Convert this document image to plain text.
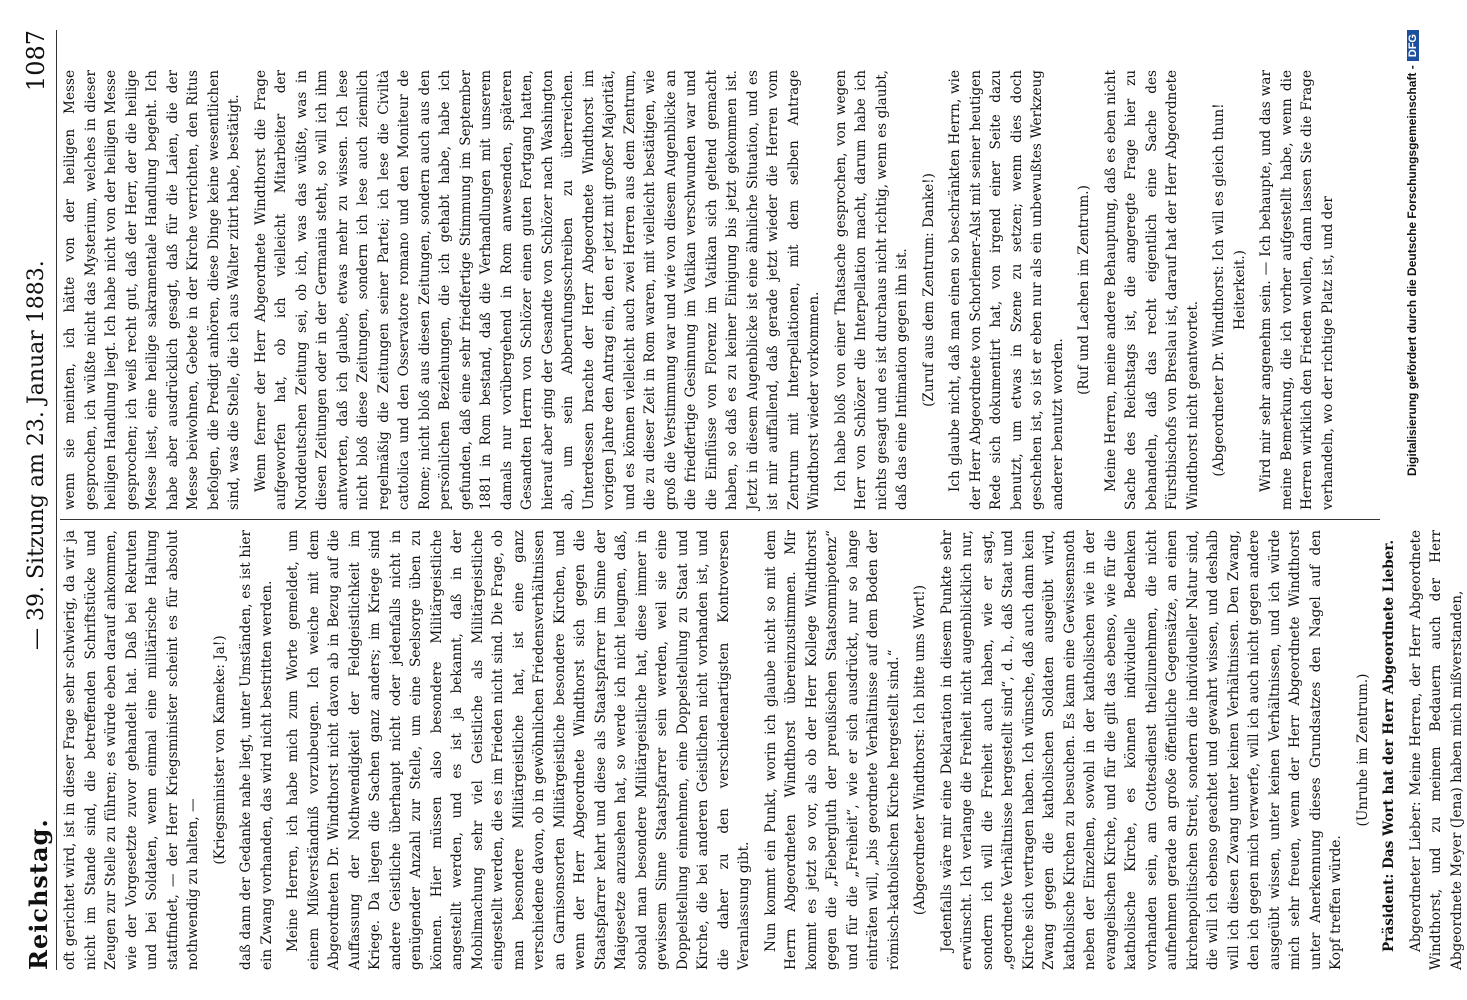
Reichstag.
— 39. Sitzung am 23. Januar 1883.
1087

oft gerichtet wird, ist in dieser Frage sehr schwierig, da wir ja nicht im Stande sind, die betreffenden Schriftstücke und Zeugen zur Stelle zu führen; es würde eben darauf ankommen, wie der Vorgesetzte zuvor gehandelt hat. Daß bei Rekruten und bei Soldaten, wenn einmal eine militärische Haltung stattfindet, — der Herr Kriegsminister scheint es für absolut nothwendig zu halten, —

(Kriegsminister von Kameke: Ja!) daß dann der Gedanke nahe liegt, unter Umständen, es ist hier ein Zwang vorhanden, das wird nicht bestritten werden. Meine Herren, ich habe mich zum Worte gemeldet, um einem Mißverständniß vorzubeugen. Ich weiche mit dem Abgeordneten Dr. Windthorst nicht davon ab in Bezug auf die Auffassung der Nothwendigkeit der Feldgeistlichkeit im Kriege. Da liegen die Sachen ganz anders; im Kriege sind andere Geistliche überhaupt nicht oder jedenfalls nicht in genügender Anzahl zur Stelle, um eine Seelsorge üben zu können. Hier müssen also besondere Militärgeistliche angestellt werden, und es ist ja bekannt, daß in der Mobilmachung sehr viel Geistliche als Militärgeistliche eingestellt werden, die es im Frieden nicht sind. Die Frage, ob man besondere Militärgeistliche hat, ist eine ganz verschiedene davon, ob in gewöhnlichen Friedensverhältnissen an Garnisonsorten Militärgeistliche besondere Kirchen, und wenn der Herr Abgeordnete Windthorst sich gegen die Staatspfarrer kehrt und diese als Staatspfarrer im Sinne der Maigesetze anzusehen hat, so werde ich nicht leugnen, daß, sobald man besondere Militärgeistliche hat, diese immer in gewissem Sinne Staatspfarrer sein werden, weil sie eine Doppelstellung einnehmen, eine Doppelstellung zu Staat und Kirche, die bei anderen Geistlichen nicht vorhanden ist, und die daher zu den verschiedenartigsten Kontroversen Veranlassung gibt. Nun kommt ein Punkt, worin ich glaube nicht so mit dem Herrn Abgeordneten Windthorst übereinzustimmen. Mir kommt es jetzt so vor, als ob der Herr Kollege Windthorst gegen die „Fiebergluth der preußischen Staatsomnipotenz“ und für die „Freiheit“, wie er sich ausdrückt, nur so lange einträten will, „bis geordnete Verhältnisse auf dem Boden der römisch-katholischen Kirche hergestellt sind.“ (Abgeordneter Windthorst: Ich bitte ums Wort!) Jedenfalls wäre mir eine Deklaration in diesem Punkte sehr erwünscht. Ich verlange die Freiheit nicht augenblicklich nur, sondern ich will die Freiheit auch haben, wie er sagt, „geordnete Verhältnisse hergestellt sind“, d. h., daß Staat und Kirche sich vertragen haben. Ich wünsche, daß auch dann kein Zwang gegen die katholischen Soldaten ausgeübt wird, katholische Kirchen zu besuchen. Es kann eine Gewissensnoth neben der Einzelnen, sowohl in der katholischen wie in der evangelischen Kirche, und für die gilt das ebenso, wie für die katholische Kirche, es können individuelle Bedenken vorhanden sein, am Gottesdienst theilzunehmen, die nicht aufnehmen gerade an große öffentliche Gegensätze, an einen kirchenpolitischen Streit, sondern die individueller Natur sind, die will ich ebenso geachtet und gewahrt wissen, und deshalb will ich diesen Zwang unter keinen Verhältnissen. Den Zwang, den ich gegen mich verwerfe, will ich auch nicht gegen andere ausgeübt wissen, unter keinen Verhältnissen, und ich würde mich sehr freuen, wenn der Herr Abgeordnete Windthorst unter Anerkennung dieses Grundsatzes den Nagel auf den Kopf treffen würde.

(Unruhe im Zentrum.) Präsident: Das Wort hat der Herr Abgeordnete Lieber. Abgeordneter Lieber: Meine Herren, der Herr Abgeordnete Windthorst, und zu meinem Bedauern auch der Herr Abgeordnete Meyer (Jena) haben mich mißverstanden,

wenn sie meinten, ich hätte von der heiligen Messe gesprochen, ich wüßte nicht das Mysterium, welches in dieser heiligen Handlung liegt. Ich habe nicht von der heiligen Messe gesprochen; ich weiß recht gut, daß der Herr, der die heilige Messe liest, eine heilige sakramentale Handlung begeht. Ich habe aber ausdrücklich gesagt, daß für die Laien, die der Messe beiwohnen, Gebete in der Kirche verrichten, den Ritus befolgen, die Predigt anhören, diese Dinge keine wesentlichen sind, was die Stelle, die ich aus Walter zitirt habe, bestätigt. Wenn ferner der Herr Abgeordnete Windthorst die Frage aufgeworfen hat, ob ich vielleicht Mitarbeiter der Norddeutschen Zeitung sei, ob ich, was das wüßte, was in diesen Zeitungen oder in der Germania steht, so will ich ihm antworten, daß ich glaube, etwas mehr zu wissen. Ich lese nicht bloß diese Zeitungen, sondern ich lese auch ziemlich regelmäßig die Zeitungen seiner Partei; ich lese die Civiltà cattolica und den Osservatore romano und den Moniteur de Rome; nicht bloß aus diesen Zeitungen, sondern auch aus den persönlichen Beziehungen, die ich gehabt habe, habe ich gefunden, daß eine sehr friedfertige Stimmung im September 1881 in Rom bestand, daß die Verhandlungen mit unserem damals nur vorübergehend in Rom anwesenden, späteren Gesandten Herrn von Schlözer einen guten Fortgang hatten, hierauf aber ging der Gesandte von Schlözer nach Washington ab, um sein Abberufungsschreiben zu überreichen. Unterdessen brachte der Herr Abgeordnete Windthorst im vorigen Jahre den Antrag ein, den er jetzt mit großer Majorität, und es können vielleicht auch zwei Herren aus dem Zentrum, die zu dieser Zeit in Rom waren, mit vielleicht bestätigen, wie groß die Verstimmung war und wie von diesem Augenblicke an die friedfertige Gesinnung im Vatikan verschwunden war und die Einflüsse von Florenz im Vatikan sich geltend gemacht haben, so daß es zu keiner Einigung bis jetzt gekommen ist. Jetzt in diesem Augenblicke ist eine ähnliche Situation, und es ist mir auffallend, daß gerade jetzt wieder die Herren vom Zentrum mit Interpellationen, mit dem selben Antrage Windthorst wieder vorkommen. Ich habe bloß von einer Thatsache gesprochen, von wegen Herr von Schlözer die Interpellation macht, darum habe ich nichts gesagt und es ist durchaus nicht richtig, wenn es glaubt, daß das eine Intimation gegen ihn ist. (Zuruf aus dem Zentrum: Danke!) Ich glaube nicht, daß man einen so beschränkten Herrn, wie der Herr Abgeordnete von Schorlemer-Alst mit seiner heutigen Rede sich dokumentirt hat, von irgend einer Seite dazu benutzt, um etwas in Szene zu setzen; wenn dies doch geschehen ist, so ist er eben nur als ein unbewußtes Werkzeug anderer benutzt worden.

(Ruf und Lachen im Zentrum.) Meine Herren, meine andere Behauptung, daß es eben nicht Sache des Reichstags ist, die angeregte Frage hier zu behandeln, daß das recht eigentlich eine Sache des Fürstbischofs von Breslau ist, darauf hat der Herr Abgeordnete Windthorst nicht geantwortet. (Abgeordneter Dr. Windthorst: Ich will es gleich thun! Heiterkeit.) Wird mir sehr angenehm sein. — Ich behaupte, und das war meine Bemerkung, die ich vorher aufgestellt habe, wenn die Herren wirklich den Frieden wollen, dann lassen Sie die Frage verhandeln, wo der richtige Platz ist, und der	Digitalisierung gefördert durch die Deutsche Forschungsgemeinschaft -DFG
